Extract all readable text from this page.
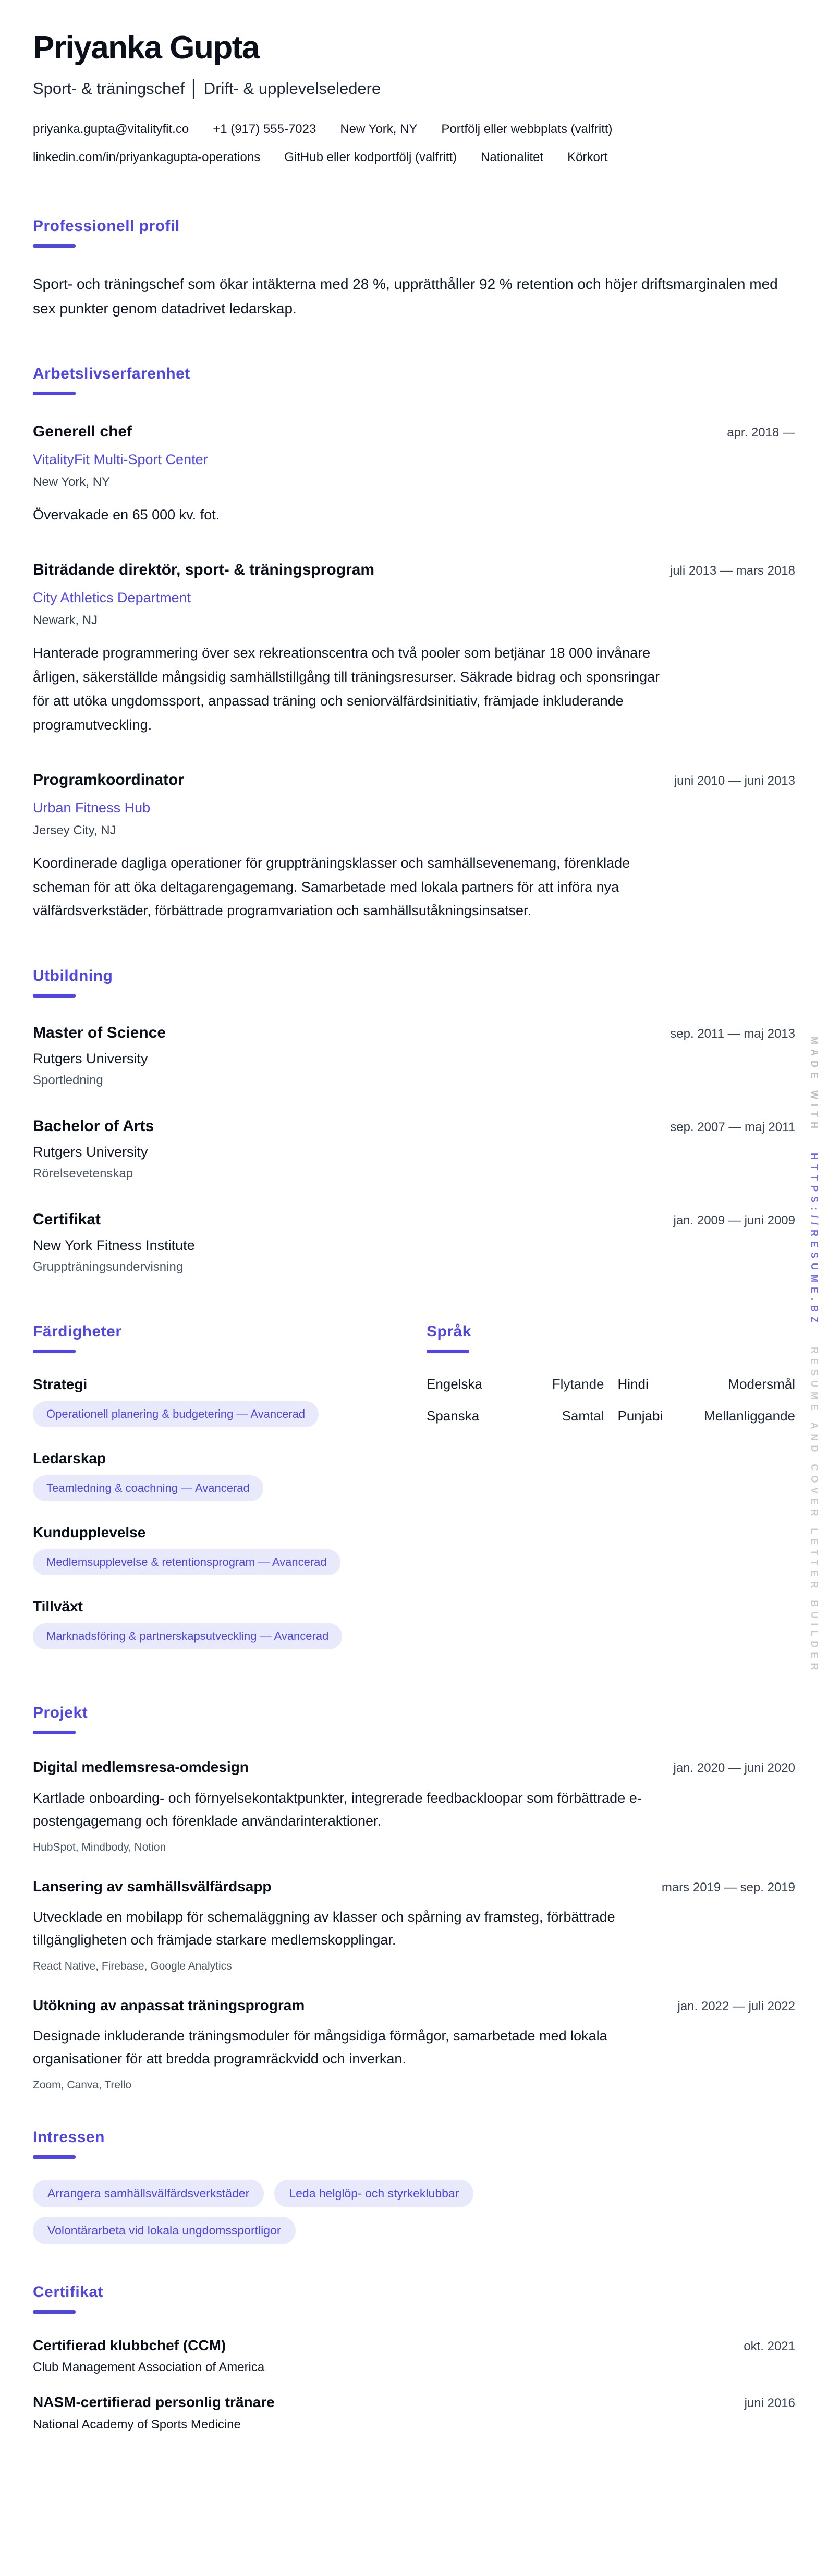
Priyanka Gupta
Sport- & träningschef │ Drift- & upplevelseledere
priyanka.gupta@vitalityfit.co +1 (917) 555-7023 New York, NY Portfölj eller webbplats (valfritt)
linkedin.com/in/priyankagupta-operations GitHub eller kodportfölj (valfritt) Nationalitet Körkort
Professionell profil

Sport- och träningschef som ökar intäkterna med 28 %, upprätthåller 92 % retention och höjer driftsmarginalen med sex punkter genom datadrivet ledarskap.

Arbetslivserfarenhet
Generell chef	apr. 2018 —
VitalityFit Multi-Sport Center
New York, NY
Övervakade en 65 000 kv. fot.
Biträdande direktör, sport- & träningsprogram	juli 2013 — mars 2018
City Athletics Department
Newark, NJ
Hanterade programmering över sex rekreationscentra och två pooler som betjänar 18 000 invånare årligen, säkerställde mångsidig samhällstillgång till träningsresurser. Säkrade bidrag och sponsringar för att utöka ungdomssport, anpassad träning och seniorvälfärdsinitiativ, främjade inkluderande programutveckling.
Programkoordinator	juni 2010 — juni 2013
Urban Fitness Hub
Jersey City, NJ
Koordinerade dagliga operationer för gruppträningsklasser och samhällsevenemang, förenklade scheman för att öka deltagarengagemang. Samarbetade med lokala partners för att införa nya välfärdsverkstäder, förbättrade programvariation och samhällsutåkningsinsatser.
Utbildning
Master of Science	sep. 2011 — maj 2013
Rutgers University
Sportledning
Bachelor of Arts	sep. 2007 — maj 2011
Rutgers University
Rörelsevetenskap
Certifikat	jan. 2009 — juni 2009
New York Fitness Institute
Gruppträningsundervisning
Färdigheter
Strategi
Operationell planering & budgetering — Avancerad
Ledarskap
Teamledning & coachning — Avancerad
Kundupplevelse
Medlemsupplevelse & retentionsprogram — Avancerad
Tillväxt
Marknadsföring & partnerskapsutveckling — Avancerad
Språk
Engelska	Flytande Hindi	Modersmål
Spanska	Samtal Punjabi	Mellanliggande
Projekt
Digital medlemsresa-omdesign	jan. 2020 — juni 2020
Kartlade onboarding- och förnyelsekontaktpunkter, integrerade feedbackloopar som förbättrade e-postengagemang och förenklade användarinteraktioner.
HubSpot, Mindbody, Notion
Lansering av samhällsvälfärdsapp	mars 2019 — sep. 2019
Utvecklade en mobilapp för schemaläggning av klasser och spårning av framsteg, förbättrade tillgängligheten och främjade starkare medlemskopplingar.
React Native, Firebase, Google Analytics
Utökning av anpassat träningsprogram	jan. 2022 — juli 2022
Designade inkluderande träningsmoduler för mångsidiga förmågor, samarbetade med lokala organisationer för att bredda programräckvidd och inverkan.
Zoom, Canva, Trello
Intressen
Arrangera samhällsvälfärdsverkstäder	Leda helglöp- och styrkeklubbar
Volontärarbeta vid lokala ungdomssportligor
Certifikat
Certifierad klubbchef (CCM)	okt. 2021
Club Management Association of America
NASM-certifierad personlig tränare	juni 2016
National Academy of Sports Medicine
MADE WITH HTTPS://RESUME.BZ RESUME AND COVER LETTER BUILDER
